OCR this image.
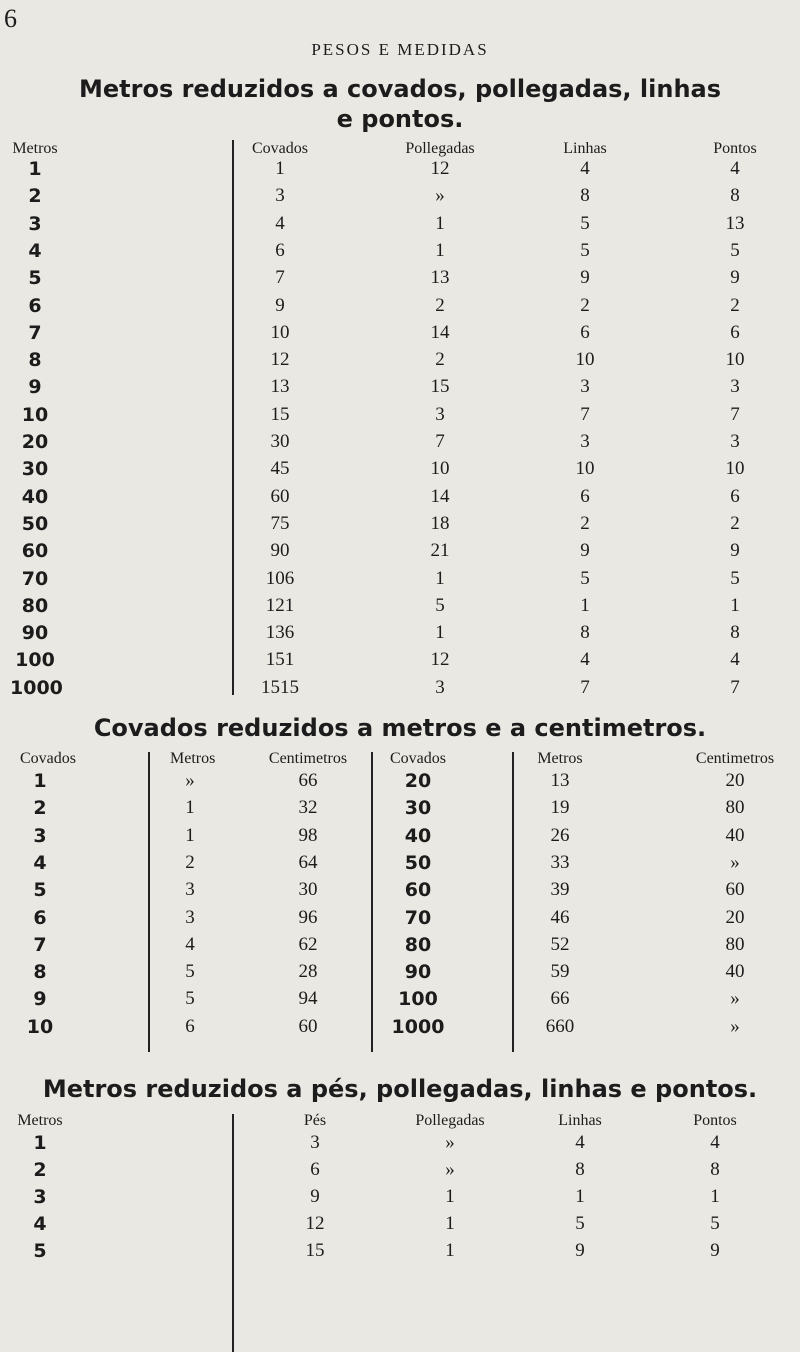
6
PESOS E MEDIDAS
Metros reduzidos a covados, pollegadas, linhas
e pontos.
Metros
1
2
3
4
5
6
7
8
9
10
20
30
40
50
60
70
80
90
100
1000
Covados
1
3
4
6
7
9
10
12
13
15
30
45
60
75
90
106
121
136
151
1515
Pollegadas
12
»
1
1
13
2
14
2
15
3
7
10
14
18
21
1
5
1
12
3
Linhas
4
8
5
5
9
2
6
10
3
7
3
10
6
2
9
5
1
8
4
7
Pontos
4
8
13
5
9
2
6
10
3
7
3
10
6
2
9
5
1
8
4
7
Covados reduzidos a metros e a centimetros.
Covados
1
2
3
4
5
6
7
8
9
10
Metros
»
1
1
2
3
3
4
5
5
6
Centimetros
66
32
98
64
30
96
62
28
94
60
Covados
20
30
40
50
60
70
80
90
100
1000
Metros
13
19
26
33
39
46
52
59
66
660
Centimetros
20
80
40
»
60
20
80
40
»
»
Metros reduzidos a pés, pollegadas, linhas e pontos.
Metros
1
2
3
4
5
Pés
3
6
9
12
15
Pollegadas
»
»
1
1
1
Linhas
4
8
1
5
9
Pontos
4
8
1
5
9
